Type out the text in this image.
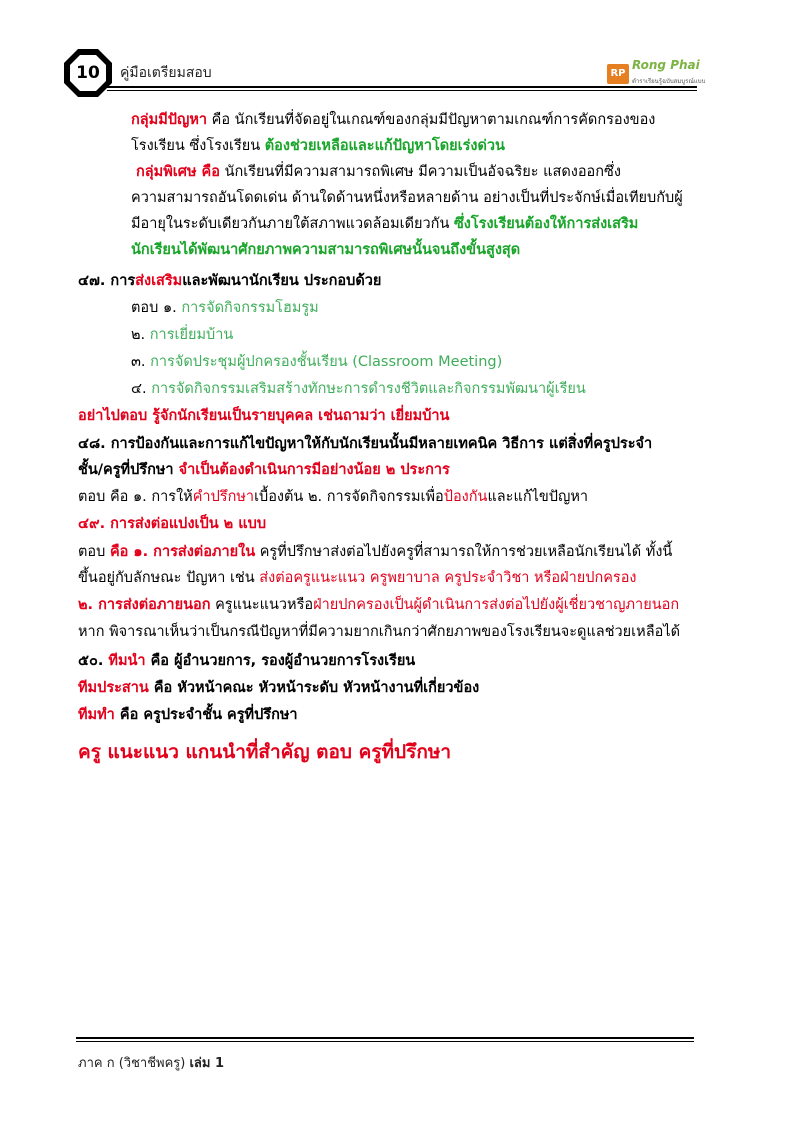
10	คู่มือเตรียมสอบ	RP
Rong Phai
ตำราเรียนรู้ฉบับสมบูรณ์แบบ
กลุ่มมีปัญหา คือ นักเรียนที่จัดอยู่ในเกณฑ์ของกลุ่มมีปัญหาตามเกณฑ์การคัดกรองของ
โรงเรียน ซึ่งโรงเรียน ต้องช่วยเหลือและแก้ปัญหาโดยเร่งด่วน
กลุ่มพิเศษ คือ นักเรียนที่มีความสามารถพิเศษ มีความเป็นอัจฉริยะ แสดงออกซึ่ง
ความสามารถอันโดดเด่น ด้านใดด้านหนึ่งหรือหลายด้าน อย่างเป็นที่ประจักษ์เมื่อเทียบกับผู้
มีอายุในระดับเดียวกันภายใต้สภาพแวดล้อมเดียวกัน ซึ่งโรงเรียนต้องให้การส่งเสริม
นักเรียนได้พัฒนาศักยภาพความสามารถพิเศษนั้นจนถึงขั้นสูงสุด
๔๗. การส่งเสริมและพัฒนานักเรียน ประกอบด้วย
ตอบ ๑. การจัดกิจกรรมโฮมรูม
๒. การเยี่ยมบ้าน
๓. การจัดประชุมผู้ปกครองชั้นเรียน (Classroom Meeting)
๔. การจัดกิจกรรมเสริมสร้างทักษะการดำรงชีวิตและกิจกรรมพัฒนาผู้เรียน
อย่าไปตอบ รู้จักนักเรียนเป็นรายบุคคล เช่นถามว่า เยี่ยมบ้าน
๔๘. การป้องกันและการแก้ไขปัญหาให้กับนักเรียนนั้นมีหลายเทคนิค วิธีการ แต่สิ่งที่ครูประจำ
ชั้น/ครูที่ปรึกษา จำเป็นต้องดำเนินการมีอย่างน้อย ๒ ประการ
ตอบ คือ ๑. การให้คำปรึกษาเบื้องต้น ๒. การจัดกิจกรรมเพื่อป้องกันและแก้ไขปัญหา
๔๙. การส่งต่อแบ่งเป็น ๒ แบบ
ตอบ คือ ๑. การส่งต่อภายใน ครูที่ปรึกษาส่งต่อไปยังครูที่สามารถให้การช่วยเหลือนักเรียนได้ ทั้งนี้
ขึ้นอยู่กับลักษณะ ปัญหา เช่น ส่งต่อครูแนะแนว ครูพยาบาล ครูประจำวิชา หรือฝ่ายปกครอง
๒. การส่งต่อภายนอก ครูแนะแนวหรือฝ่ายปกครองเป็นผู้ดำเนินการส่งต่อไปยังผู้เชี่ยวชาญภายนอก
หาก พิจารณาเห็นว่าเป็นกรณีปัญหาที่มีความยากเกินกว่าศักยภาพของโรงเรียนจะดูแลช่วยเหลือได้
๕๐. ทีมนำ คือ ผู้อำนวยการ, รองผู้อำนวยการโรงเรียน
ทีมประสาน คือ หัวหน้าคณะ หัวหน้าระดับ หัวหน้างานที่เกี่ยวข้อง
ทีมทำ คือ ครูประจำชั้น ครูที่ปรึกษา
ครู แนะแนว แกนนำที่สำคัญ ตอบ ครูที่ปรึกษา
ภาค ก (วิชาชีพครู) เล่ม 1
